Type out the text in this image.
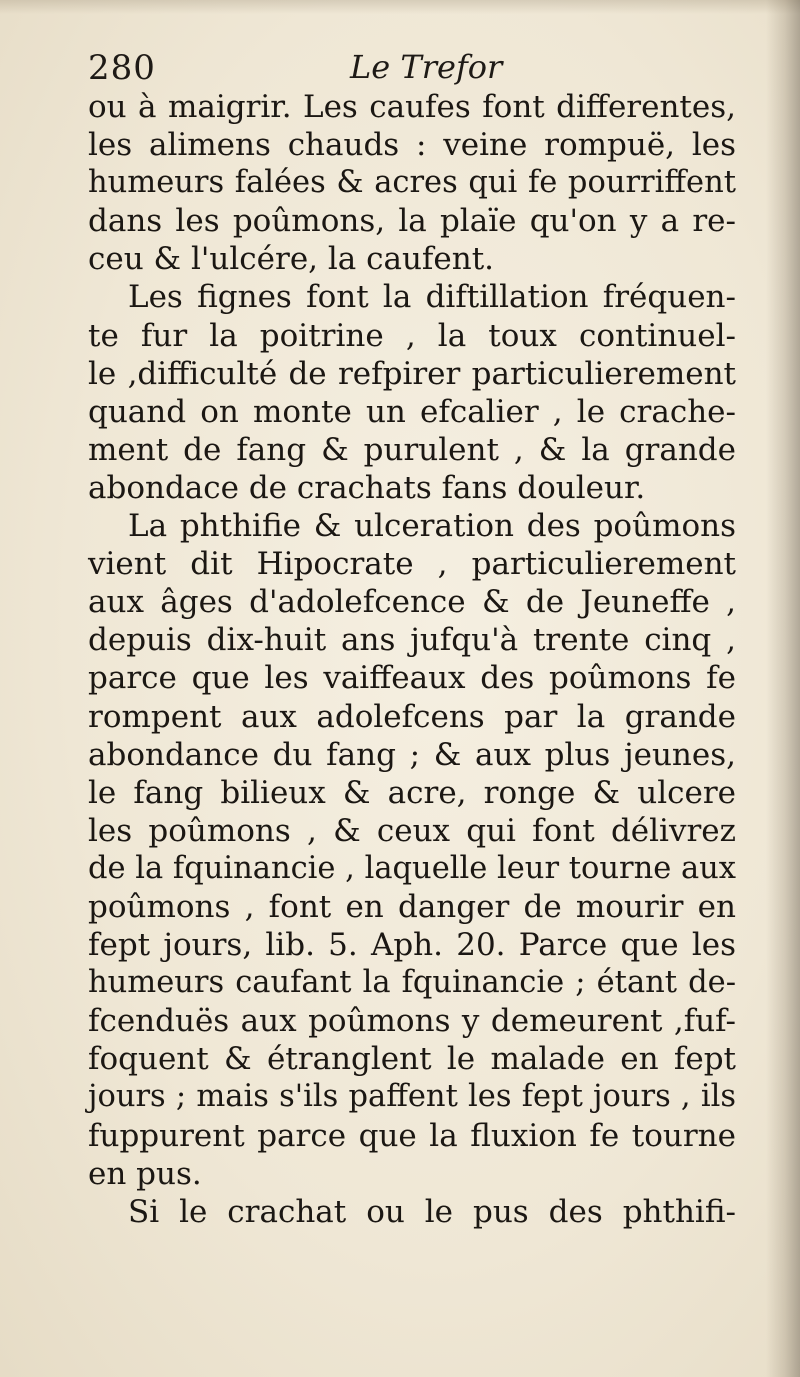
280	Le Trefor
ou à maigrir. Les caufes font differentes,
les alimens chauds : veine rompuë, les
humeurs falées & acres qui fe pourriffent
dans les poûmons, la plaïe qu'on y a re-
ceu & l'ulcére, la caufent.
Les fignes font la diftillation fréquen-
te fur la poitrine , la toux continuel-
le ,difficulté de refpirer particulierement
quand on monte un efcalier , le crache-
ment de fang & purulent , & la grande
abondace de crachats fans douleur.
La phthifie & ulceration des poûmons
vient dit Hipocrate , particulierement
aux âges d'adolefcence & de Jeuneffe ,
depuis dix-huit ans jufqu'à trente cinq ,
parce que les vaiffeaux des poûmons fe
rompent aux adolefcens par la grande
abondance du fang ; & aux plus jeunes,
le fang bilieux & acre, ronge & ulcere
les poûmons , & ceux qui font délivrez
de la fquinancie , laquelle leur tourne aux
poûmons , font en danger de mourir en
fept jours, lib. 5. Aph. 20. Parce que les
humeurs caufant la fquinancie ; étant de-
fcenduës aux poûmons y demeurent ,fuf-
foquent & étranglent le malade en fept
jours ; mais s'ils paffent les fept jours , ils
fuppurent parce que la fluxion fe tourne
en pus.
Si le crachat ou le pus des phthifi-
